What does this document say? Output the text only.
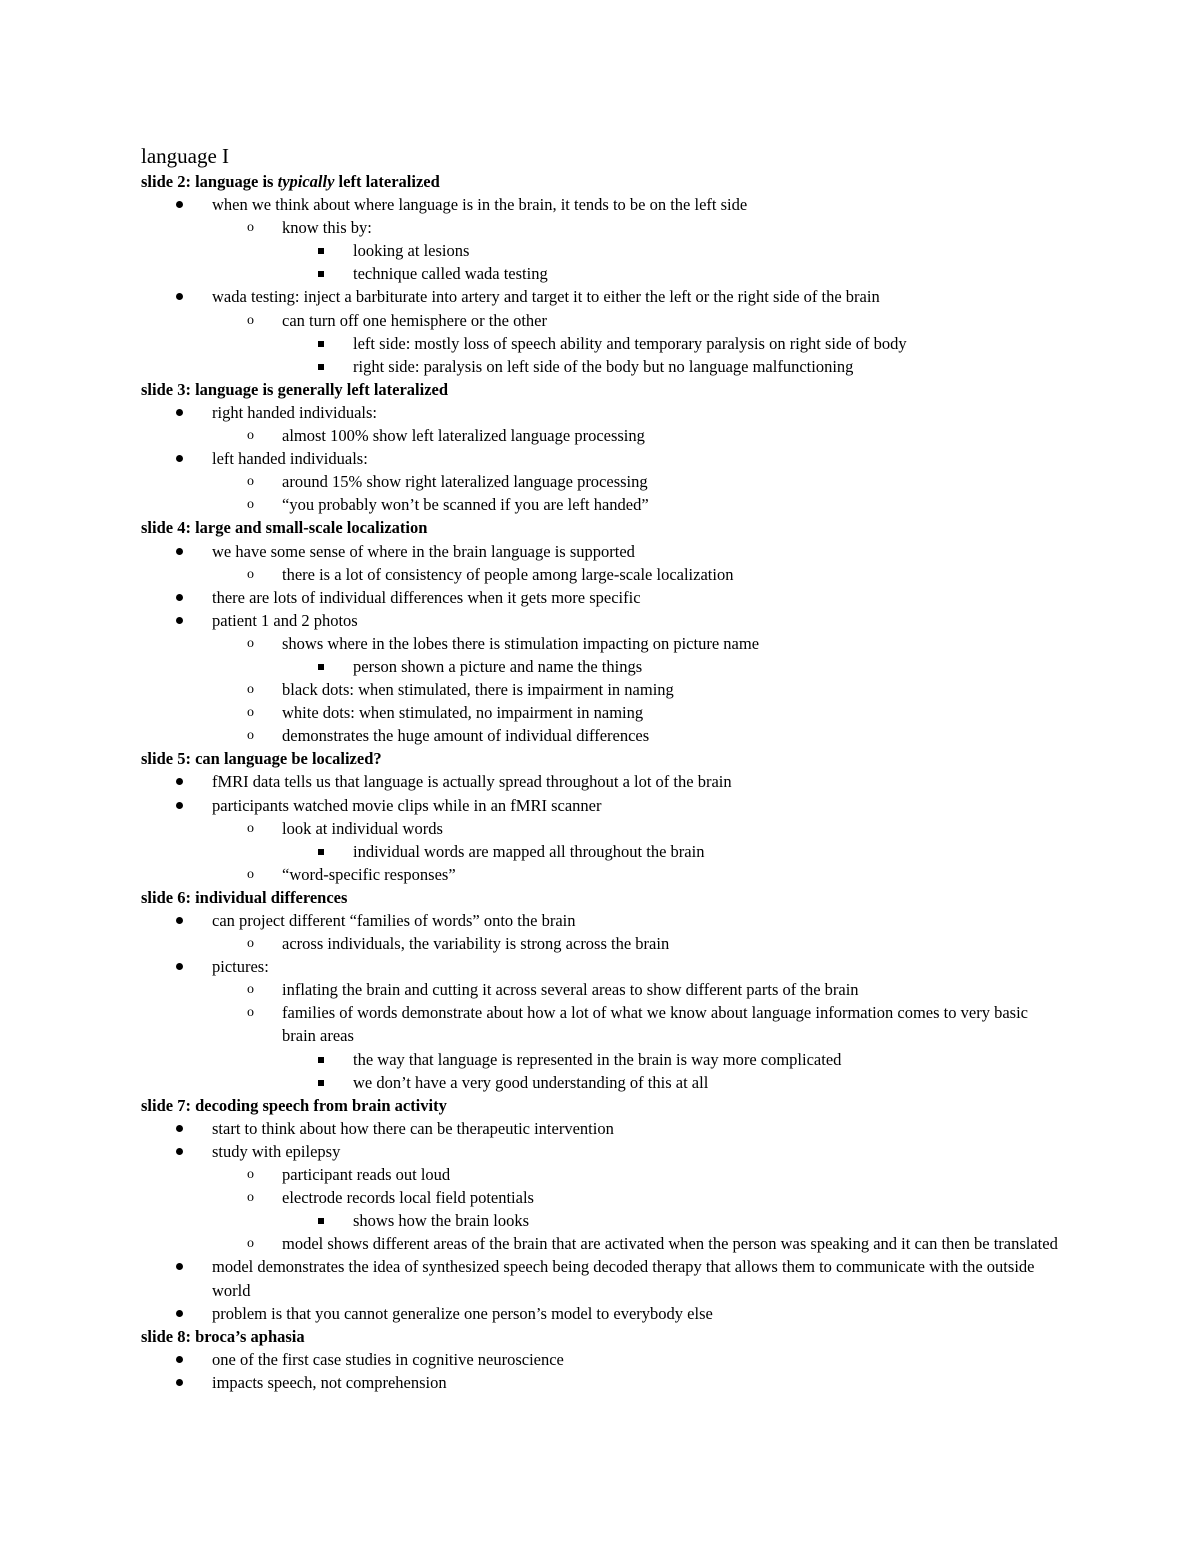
language I
slide 2: language is typically left lateralized
when we think about where language is in the brain, it tends to be on the left side
o know this by:
looking at lesions
technique called wada testing
wada testing: inject a barbiturate into artery and target it to either the left or the right side of the brain
o can turn off one hemisphere or the other
left side: mostly loss of speech ability and temporary paralysis on right side of body
right side: paralysis on left side of the body but no language malfunctioning
slide 3: language is generally left lateralized
right handed individuals:
o almost 100% show left lateralized language processing
left handed individuals:
o around 15% show right lateralized language processing
o “you probably won’t be scanned if you are left handed”
slide 4: large and small-scale localization
we have some sense of where in the brain language is supported
o there is a lot of consistency of people among large-scale localization
there are lots of individual differences when it gets more specific
patient 1 and 2 photos
o shows where in the lobes there is stimulation impacting on picture name
person shown a picture and name the things
o black dots: when stimulated, there is impairment in naming
o white dots: when stimulated, no impairment in naming
o demonstrates the huge amount of individual differences
slide 5: can language be localized?
fMRI data tells us that language is actually spread throughout a lot of the brain
participants watched movie clips while in an fMRI scanner
o look at individual words
individual words are mapped all throughout the brain
o “word-specific responses”
slide 6: individual differences
can project different “families of words” onto the brain
o across individuals, the variability is strong across the brain
pictures:
o inflating the brain and cutting it across several areas to show different parts of the brain
o families of words demonstrate about how a lot of what we know about language information comes to very basic brain areas
the way that language is represented in the brain is way more complicated
we don’t have a very good understanding of this at all
slide 7: decoding speech from brain activity
start to think about how there can be therapeutic intervention
study with epilepsy
o participant reads out loud
o electrode records local field potentials
shows how the brain looks
o model shows different areas of the brain that are activated when the person was speaking and it can then be translated
model demonstrates the idea of synthesized speech being decoded therapy that allows them to communicate with the outside world
problem is that you cannot generalize one person’s model to everybody else
slide 8: broca’s aphasia
one of the first case studies in cognitive neuroscience
impacts speech, not comprehension
